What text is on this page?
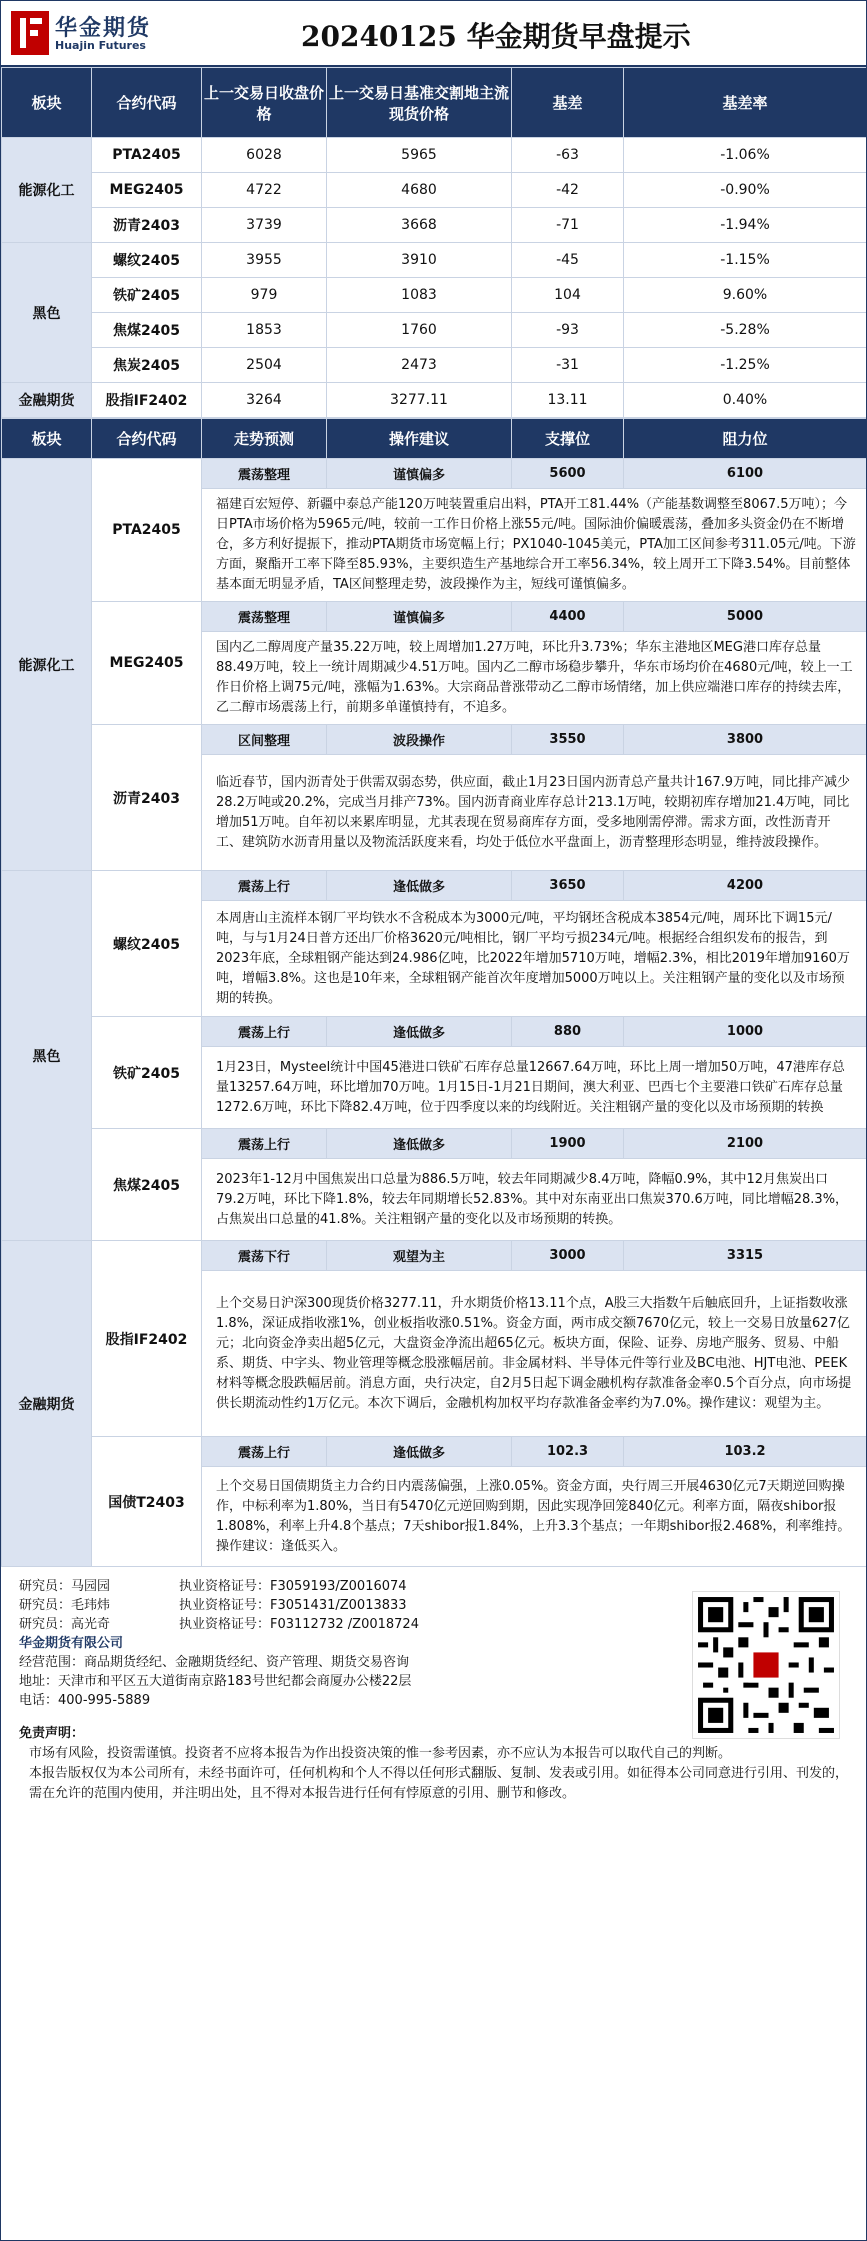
华金期货
Huajin Futures	20240125 华金期货早盘提示
板块	合约代码	上一交易日收盘价格	上一交易日基准交割地主流现货价格	基差	基差率
能源化工	PTA2405	6028	5965	-63	-1.06%
	MEG2405	4722	4680	-42	-0.90%
	沥青2403	3739	3668	-71	-1.94%
黑色	螺纹2405	3955	3910	-45	-1.15%
	铁矿2405	979	1083	104	9.60%
	焦煤2405	1853	1760	-93	-5.28%
	焦炭2405	2504	2473	-31	-1.25%
金融期货	股指IF2402	3264	3277.11	13.11	0.40%
板块	合约代码	走势预测	操作建议	支撑位	阻力位
能源化工	PTA2405	震荡整理	谨慎偏多	5600	6100
		福建百宏短停、新疆中泰总产能120万吨装置重启出料，PTA开工81.44%（产能基数调整至8067.5万吨）；今日PTA市场价格为5965元/吨，较前一工作日价格上涨55元/吨。国际油价偏暖震荡，叠加多头资金仍在不断增仓，多方利好提振下，推动PTA期货市场宽幅上行；PX1040-1045美元，PTA加工区间参考311.05元/吨。下游方面，聚酯开工率下降至85.93%，主要织造生产基地综合开工率56.34%，较上周开工下降3.54%。目前整体基本面无明显矛盾，TA区间整理走势，波段操作为主，短线可谨慎偏多。			
	MEG2405	震荡整理	谨慎偏多	4400	5000
		国内乙二醇周度产量35.22万吨，较上周增加1.27万吨，环比升3.73%；华东主港地区MEG港口库存总量88.49万吨，较上一统计周期减少4.51万吨。国内乙二醇市场稳步攀升，华东市场均价在4680元/吨，较上一工作日价格上调75元/吨，涨幅为1.63%。大宗商品普涨带动乙二醇市场情绪，加上供应端港口库存的持续去库，乙二醇市场震荡上行，前期多单谨慎持有，不追多。			
	沥青2403	区间整理	波段操作	3550	3800
		临近春节，国内沥青处于供需双弱态势，供应面，截止1月23日国内沥青总产量共计167.9万吨，同比排产减少28.2万吨或20.2%，完成当月排产73%。国内沥青商业库存总计213.1万吨，较期初库存增加21.4万吨，同比增加51万吨。自年初以来累库明显，尤其表现在贸易商库存方面，受多地刚需停滞。需求方面，改性沥青开工、建筑防水沥青用量以及物流活跃度来看，均处于低位水平盘面上，沥青整理形态明显，维持波段操作。			
黑色	螺纹2405	震荡上行	逢低做多	3650	4200
		本周唐山主流样本钢厂平均铁水不含税成本为3000元/吨，平均钢坯含税成本3854元/吨，周环比下调15元/吨，与与1月24日普方还出厂价格3620元/吨相比，钢厂平均亏损234元/吨。根据经合组织发布的报告，到2023年底，全球粗钢产能达到24.986亿吨，比2022年增加5710万吨，增幅2.3%，相比2019年增加9160万吨，增幅3.8%。这也是10年来，全球粗钢产能首次年度增加5000万吨以上。关注粗钢产量的变化以及市场预期的转换。			
	铁矿2405	震荡上行	逢低做多	880	1000
		1月23日，Mysteel统计中国45港进口铁矿石库存总量12667.64万吨，环比上周一增加50万吨，47港库存总量13257.64万吨，环比增加70万吨。1月15日-1月21日期间，澳大利亚、巴西七个主要港口铁矿石库存总量1272.6万吨，环比下降82.4万吨，位于四季度以来的均线附近。关注粗钢产量的变化以及市场预期的转换			
	焦煤2405	震荡上行	逢低做多	1900	2100
		2023年1-12月中国焦炭出口总量为886.5万吨，较去年同期减少8.4万吨，降幅0.9%，其中12月焦炭出口79.2万吨，环比下降1.8%，较去年同期增长52.83%。其中对东南亚出口焦炭370.6万吨，同比增幅28.3%，占焦炭出口总量的41.8%。关注粗钢产量的变化以及市场预期的转换。			
金融期货	股指IF2402	震荡下行	观望为主	3000	3315
		上个交易日沪深300现货价格3277.11，升水期货价格13.11个点，A股三大指数午后触底回升，上证指数收涨1.8%，深证成指收涨1%，创业板指收涨0.51%。资金方面，两市成交额7670亿元，较上一交易日放量627亿元；北向资金净卖出超5亿元，大盘资金净流出超65亿元。板块方面，保险、证券、房地产服务、贸易、中船系、期货、中字头、物业管理等概念股涨幅居前。非金属材料、半导体元件等行业及BC电池、HJT电池、PEEK材料等概念股跌幅居前。消息方面，央行决定，自2月5日起下调金融机构存款准备金率0.5个百分点，向市场提供长期流动性约1万亿元。本次下调后，金融机构加权平均存款准备金率约为7.0%。操作建议：观望为主。			
	国债T2403	震荡上行	逢低做多	102.3	103.2
		上个交易日国债期货主力合约日内震荡偏强，上涨0.05%。资金方面，央行周三开展4630亿元7天期逆回购操作，中标利率为1.80%，当日有5470亿元逆回购到期，因此实现净回笼840亿元。利率方面，隔夜shibor报1.808%，利率上升4.8个基点；7天shibor报1.84%，上升3.3个基点；一年期shibor报2.468%，利率维持。操作建议：逢低买入。			
研究员：马园园	执业资格证号：F3059193/Z0016074
研究员：毛玮炜	执业资格证号：F3051431/Z0013833
研究员：高光奇	执业资格证号：F03112732 /Z0018724
华金期货有限公司
经营范围：商品期货经纪、金融期货经纪、资产管理、期货交易咨询
地址：天津市和平区五大道街南京路183号世纪都会商厦办公楼22层
电话：400-995-5889
免责声明：
市场有风险，投资需谨慎。投资者不应将本报告为作出投资决策的惟一参考因素，亦不应认为本报告可以取代自己的判断。
本报告版权仅为本公司所有，未经书面许可，任何机构和个人不得以任何形式翻版、复制、发表或引用。如征得本公司同意进行引用、刊发的，需在允许的范围内使用，并注明出处，且不得对本报告进行任何有悖原意的引用、删节和修改。
